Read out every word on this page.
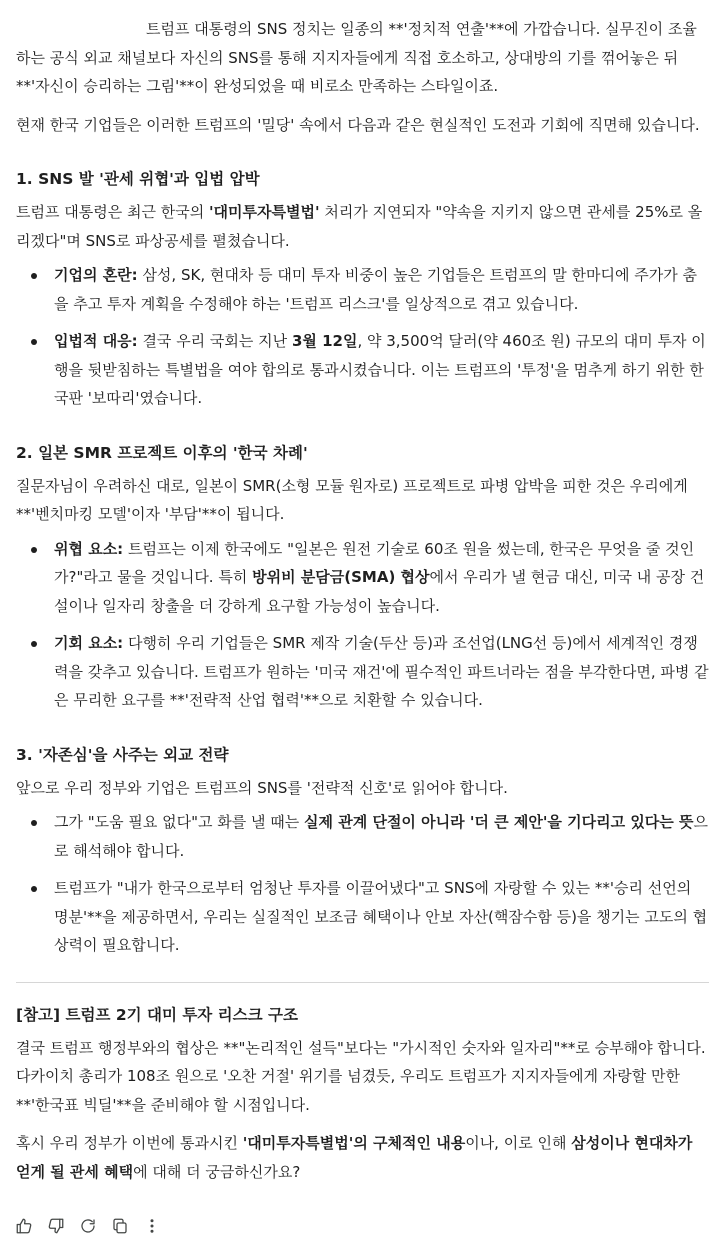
트럼프 대통령의 SNS 정치는 일종의 **'정치적 연출'**에 가깝습니다. 실무진이 조율하는 공식 외교 채널보다 자신의 SNS를 통해 지지자들에게 직접 호소하고, 상대방의 기를 꺾어놓은 뒤 **'자신이 승리하는 그림'**이 완성되었을 때 비로소 만족하는 스타일이죠.

현재 한국 기업들은 이러한 트럼프의 '밀당' 속에서 다음과 같은 현실적인 도전과 기회에 직면해 있습니다.

1. SNS 발 '관세 위협'과 입법 압박

트럼프 대통령은 최근 한국의 '대미투자특별법' 처리가 지연되자 "약속을 지키지 않으면 관세를 25%로 올리겠다"며 SNS로 파상공세를 펼쳤습니다.

기업의 혼란: 삼성, SK, 현대차 등 대미 투자 비중이 높은 기업들은 트럼프의 말 한마디에 주가가 춤을 추고 투자 계획을 수정해야 하는 '트럼프 리스크'를 일상적으로 겪고 있습니다.
입법적 대응: 결국 우리 국회는 지난 3월 12일, 약 3,500억 달러(약 460조 원) 규모의 대미 투자 이행을 뒷받침하는 특별법을 여야 합의로 통과시켰습니다. 이는 트럼프의 '투정'을 멈추게 하기 위한 한국판 '보따리'였습니다.
2. 일본 SMR 프로젝트 이후의 '한국 차례'

질문자님이 우려하신 대로, 일본이 SMR(소형 모듈 원자로) 프로젝트로 파병 압박을 피한 것은 우리에게 **'벤치마킹 모델'이자 '부담'**이 됩니다.

위협 요소: 트럼프는 이제 한국에도 "일본은 원전 기술로 60조 원을 썼는데, 한국은 무엇을 줄 것인가?"라고 물을 것입니다. 특히 방위비 분담금(SMA) 협상에서 우리가 낼 현금 대신, 미국 내 공장 건설이나 일자리 창출을 더 강하게 요구할 가능성이 높습니다.
기회 요소: 다행히 우리 기업들은 SMR 제작 기술(두산 등)과 조선업(LNG선 등)에서 세계적인 경쟁력을 갖추고 있습니다. 트럼프가 원하는 '미국 재건'에 필수적인 파트너라는 점을 부각한다면, 파병 같은 무리한 요구를 **'전략적 산업 협력'**으로 치환할 수 있습니다.
3. '자존심'을 사주는 외교 전략

앞으로 우리 정부와 기업은 트럼프의 SNS를 '전략적 신호'로 읽어야 합니다.

그가 "도움 필요 없다"고 화를 낼 때는 실제 관계 단절이 아니라 '더 큰 제안'을 기다리고 있다는 뜻으로 해석해야 합니다.
트럼프가 "내가 한국으로부터 엄청난 투자를 이끌어냈다"고 SNS에 자랑할 수 있는 **'승리 선언의 명분'**을 제공하면서, 우리는 실질적인 보조금 혜택이나 안보 자산(핵잠수함 등)을 챙기는 고도의 협상력이 필요합니다.
[참고] 트럼프 2기 대미 투자 리스크 구조

결국 트럼프 행정부와의 협상은 **"논리적인 설득"보다는 "가시적인 숫자와 일자리"**로 승부해야 합니다. 다카이치 총리가 108조 원으로 '오찬 거절' 위기를 넘겼듯, 우리도 트럼프가 지지자들에게 자랑할 만한 **'한국표 빅딜'**을 준비해야 할 시점입니다.

혹시 우리 정부가 이번에 통과시킨 '대미투자특별법'의 구체적인 내용이나, 이로 인해 삼성이나 현대차가 얻게 될 관세 혜택에 대해 더 궁금하신가요?
